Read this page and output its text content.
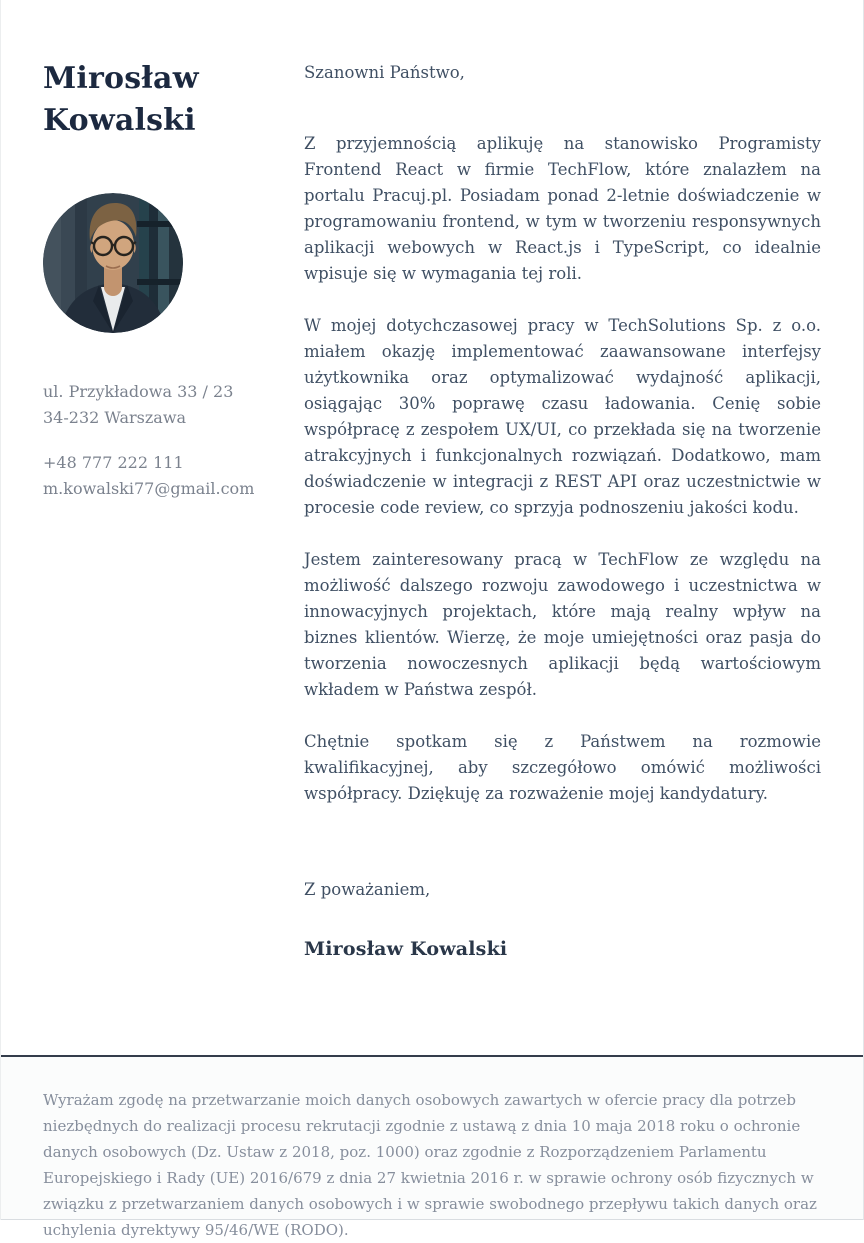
Mirosław Kowalski
ul. Przykładowa 33 / 23
34-232 Warszawa
+48 777 222 111
m.kowalski77@gmail.com
Szanowni Państwo,

Z przyjemnością aplikuję na stanowisko Programisty Frontend React w firmie TechFlow, które znalazłem na portalu Pracuj.pl. Posiadam ponad 2-letnie doświadczenie w programowaniu frontend, w tym w tworzeniu responsywnych aplikacji webowych w React.js i TypeScript, co idealnie wpisuje się w wymagania tej roli.

W mojej dotychczasowej pracy w TechSolutions Sp. z o.o. miałem okazję implementować zaawansowane interfejsy użytkownika oraz optymalizować wydajność aplikacji, osiągając 30% poprawę czasu ładowania. Cenię sobie współpracę z zespołem UX/UI, co przekłada się na tworzenie atrakcyjnych i funkcjonalnych rozwiązań. Dodatkowo, mam doświadczenie w integracji z REST API oraz uczestnictwie w procesie code review, co sprzyja podnoszeniu jakości kodu.

Jestem zainteresowany pracą w TechFlow ze względu na możliwość dalszego rozwoju zawodowego i uczestnictwa w innowacyjnych projektach, które mają realny wpływ na biznes klientów. Wierzę, że moje umiejętności oraz pasja do tworzenia nowoczesnych aplikacji będą wartościowym wkładem w Państwa zespół.

Chętnie spotkam się z Państwem na rozmowie kwalifikacyjnej, aby szczegółowo omówić możliwości współpracy. Dziękuję za rozważenie mojej kandydatury.

Z poważaniem,
Mirosław Kowalski

Wyrażam zgodę na przetwarzanie moich danych osobowych zawartych w ofercie pracy dla potrzeb niezbędnych do realizacji procesu rekrutacji zgodnie z ustawą z dnia 10 maja 2018 roku o ochronie danych osobowych (Dz. Ustaw z 2018, poz. 1000) oraz zgodnie z Rozporządzeniem Parlamentu Europejskiego i Rady (UE) 2016/679 z dnia 27 kwietnia 2016 r. w sprawie ochrony osób fizycznych w związku z przetwarzaniem danych osobowych i w sprawie swobodnego przepływu takich danych oraz uchylenia dyrektywy 95/46/WE (RODO).
